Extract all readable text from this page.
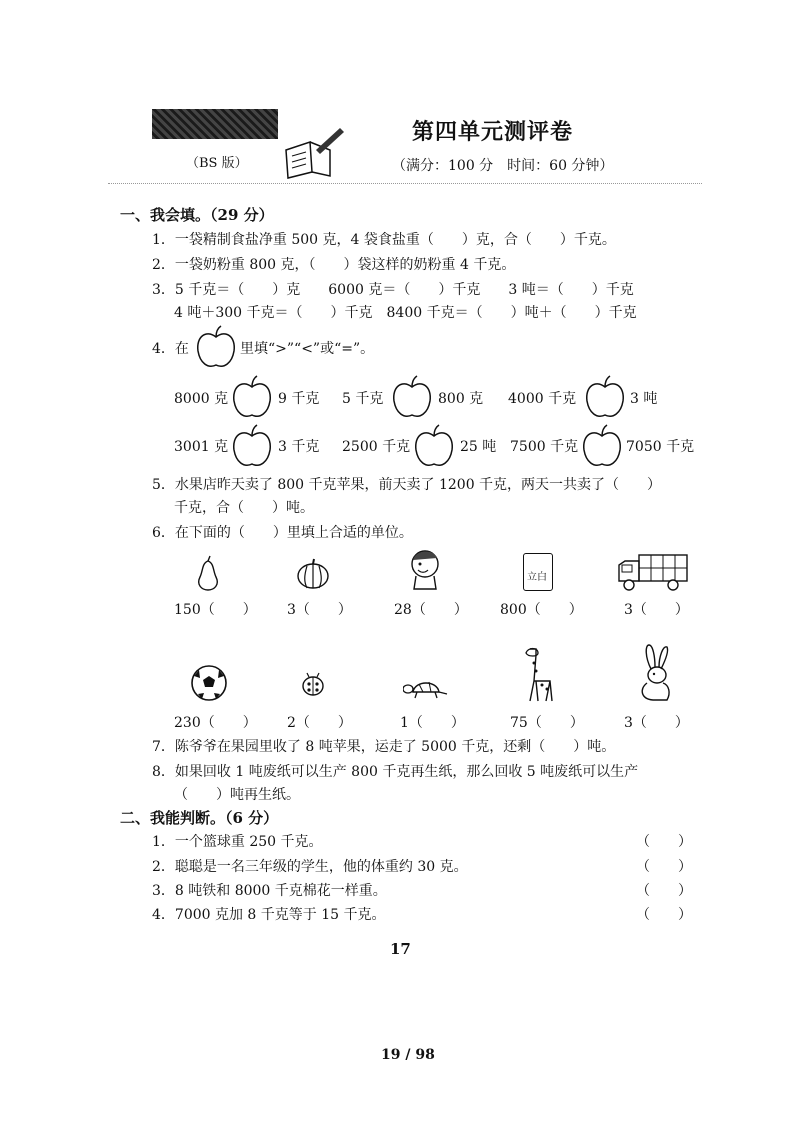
（BS 版）
第四单元测评卷
（满分：100 分　时间：60 分钟）
一、我会填。（29 分）
1．一袋精制食盐净重 500 克，4 袋食盐重（　　）克，合（　　）千克。
2．一袋奶粉重 800 克，（　　）袋这样的奶粉重 4 千克。
3．5 千克＝（　　）克　　6000 克＝（　　）千克　　3 吨＝（　　）千克
4 吨＋300 千克＝（　　）千克　8400 千克＝（　　）吨＋（　　）千克
4．在	里填“>”“<”或“=”。
8000 克	9 千克 5 千克	800 克 4000 千克	3 吨
3001 克	3 千克 2500 千克	25 吨 7500 千克	7050 千克
5．水果店昨天卖了 800 千克苹果，前天卖了 1200 千克，两天一共卖了（　　）
千克，合（　　）吨。
6．在下面的（　　）里填上合适的单位。
立白
150（　　） 3（　　）	28（　　） 800（　　）	3（　　）
230（　　） 2（　　）	1（　　）	75（　　）	3（　　）
7．陈爷爷在果园里收了 8 吨苹果，运走了 5000 千克，还剩（　　）吨。
8．如果回收 1 吨废纸可以生产 800 千克再生纸，那么回收 5 吨废纸可以生产
（　　）吨再生纸。
二、我能判断。（6 分）
1．一个篮球重 250 千克。	（　　）
2．聪聪是一名三年级的学生，他的体重约 30 克。	（　　）
3．8 吨铁和 8000 千克棉花一样重。	（　　）
4．7000 克加 8 千克等于 15 千克。	（　　）
17
19 / 98
